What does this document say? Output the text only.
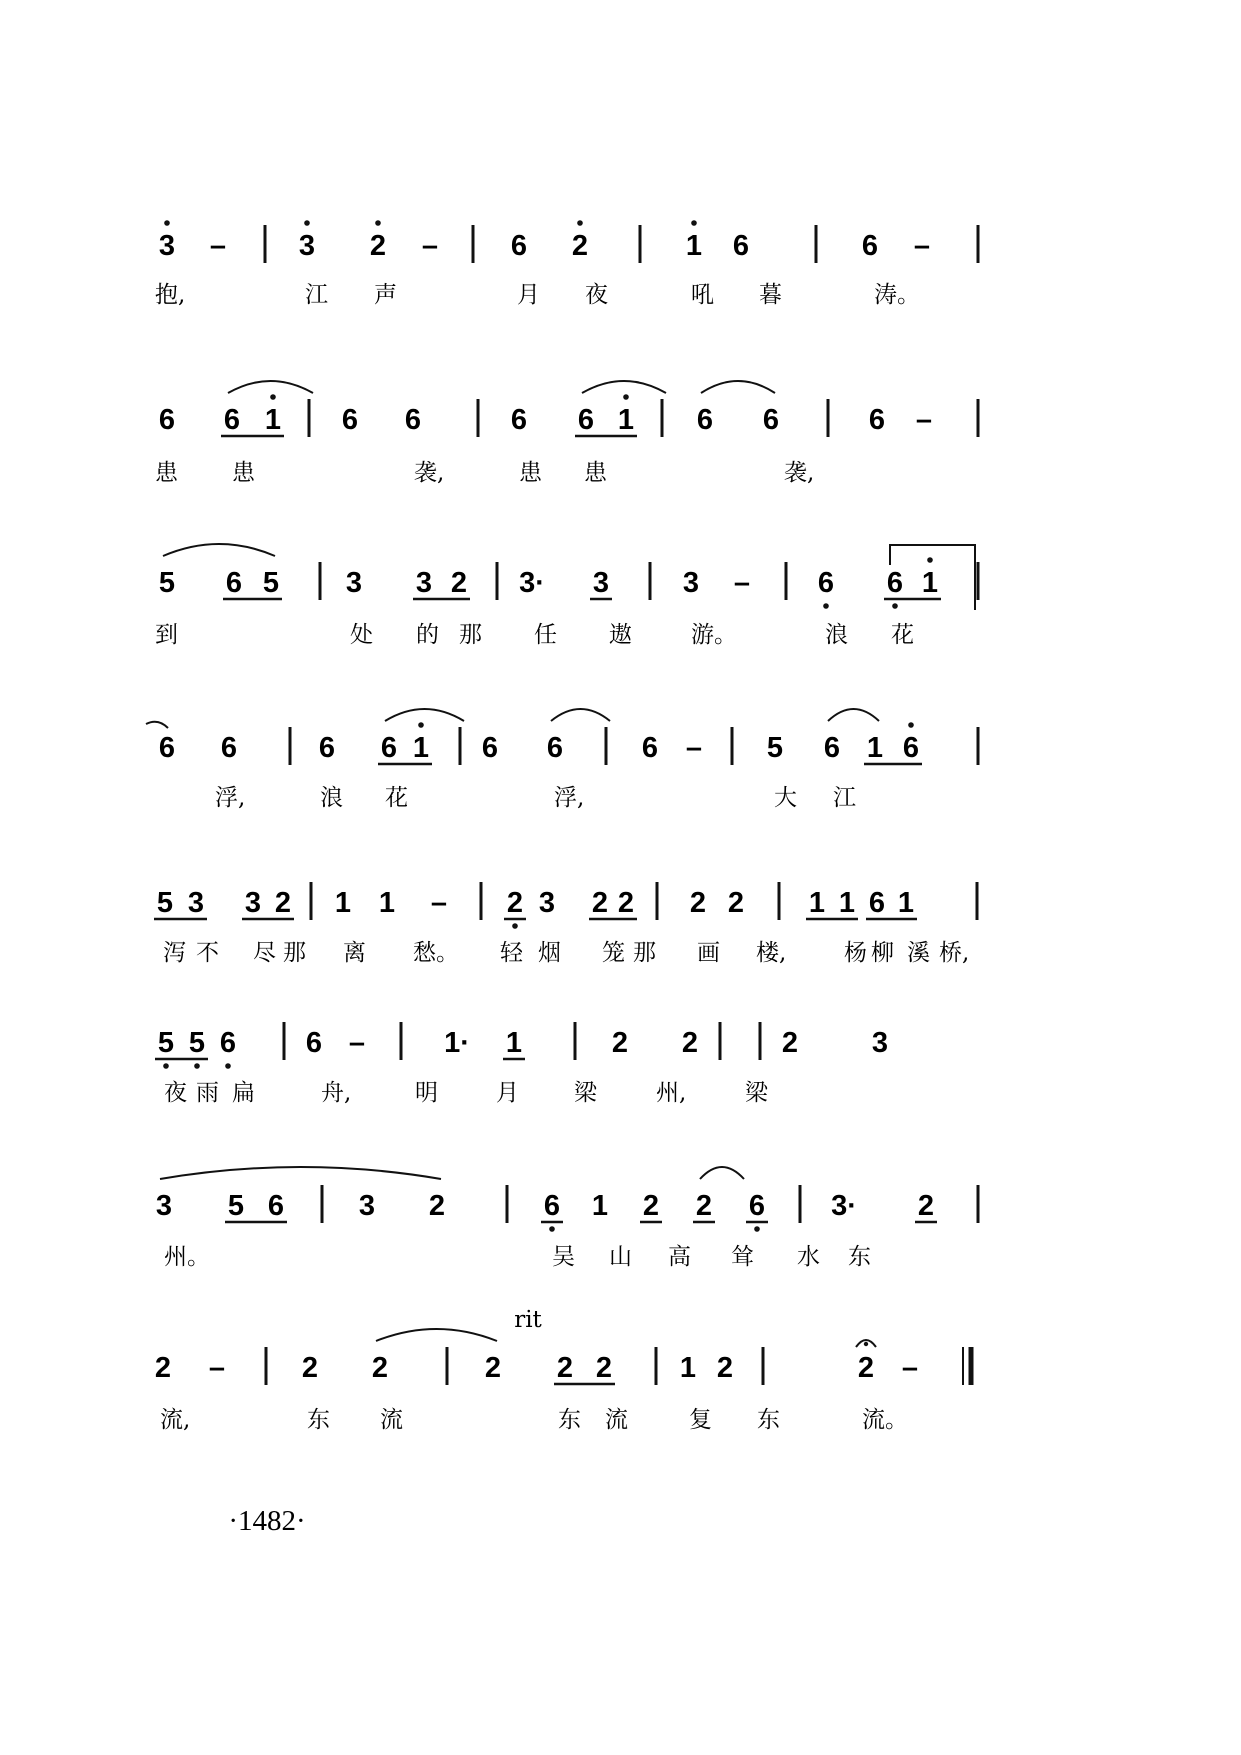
3 –	3 2 –	6 2	1 6	6 –
抱,	江 声	月 夜	吼 暮	涛。
6 6 1 6 6	6 6 1 6 6	6 –
患 患	袭,	患 患	袭,
5 6 5 3 3 2 3· 3	3 – 6 6 1
到	处 的 那 任 遨	游。	浪 花
6 6	6 6 1 6 6	6 – 5 6 1 6
浮,	浪 花	浮,	大 江
5 3 3 2 1 1 – 2 3 2 2 2 2 1 1 6 1
泻 不 尽 那 离 愁。 轻 烟 笼 那 画 楼,	杨 柳 溪 桥,
5 5 6 6 –	1· 1	2 2	2	3
夜 雨 扁	舟,	明	月 梁	州,	梁
3 5 6	3 2	6 1 2 2 6 3· 2
州。	吴 山 高 耸 水 东
2 –	2 2	2 2 2 1 2	2 –
流,	东 流	东 流	复 东	流。
rit
·1482·
